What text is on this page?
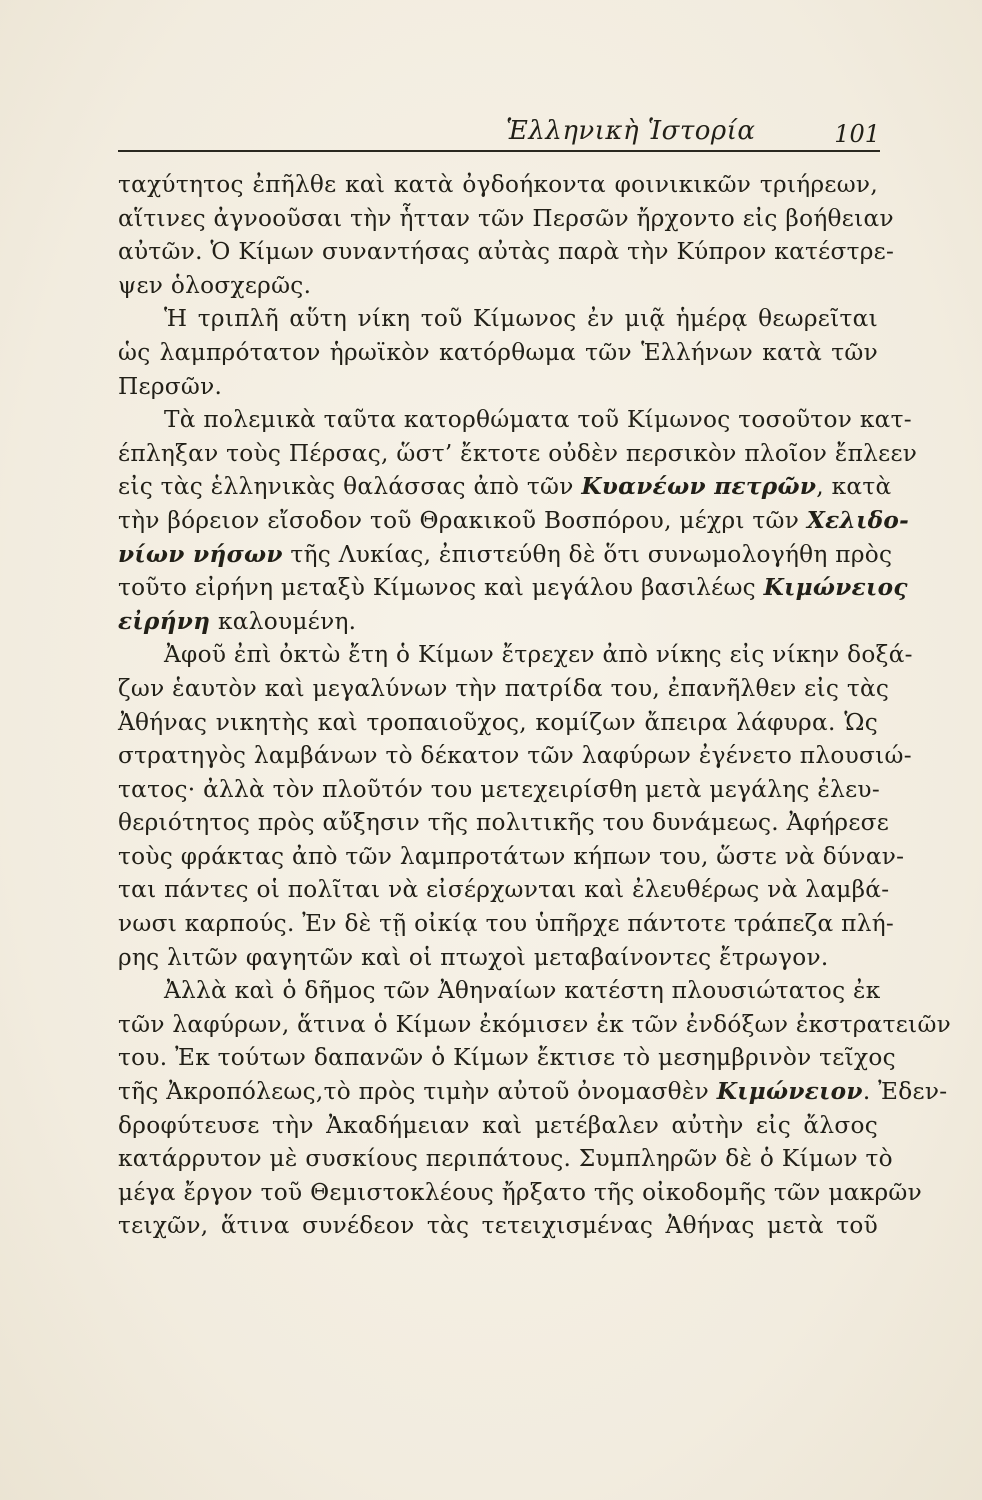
Ἑλληνικὴ Ἱστορία	101
ταχύτητος ἐπῆλθε καὶ κατὰ ὀγδοήκοντα φοινικικῶν τριήρεων,
αἵτινες ἀγνοοῦσαι τὴν ἧτταν τῶν Περσῶν ἤρχοντο εἰς βοήθειαν
αὐτῶν. Ὁ Κίμων συναντήσας αὐτὰς παρὰ τὴν Κύπρον κατέστρε-
ψεν ὁλοσχερῶς.
Ἡ τριπλῆ αὕτη νίκη τοῦ Κίμωνος ἐν μιᾷ ἡμέρᾳ θεωρεῖται
ὡς λαμπρότατον ἡρωϊκὸν κατόρθωμα τῶν Ἑλλήνων κατὰ τῶν
Περσῶν.
Τὰ πολεμικὰ ταῦτα κατορθώματα τοῦ Κίμωνος τοσοῦτον κατ-
έπληξαν τοὺς Πέρσας, ὥστ’ ἔκτοτε οὐδὲν περσικὸν πλοῖον ἔπλεεν
εἰς τὰς ἑλληνικὰς θαλάσσας ἀπὸ τῶν Κυανέων πετρῶν, κατὰ
τὴν βόρειον εἴσοδον τοῦ Θρακικοῦ Βοσπόρου, μέχρι τῶν Χελιδο-
νίων νήσων τῆς Λυκίας, ἐπιστεύθη δὲ ὅτι συνωμολογήθη πρὸς
τοῦτο εἰρήνη μεταξὺ Κίμωνος καὶ μεγάλου βασιλέως Κιμώνειος
εἰρήνη καλουμένη.
Ἀφοῦ ἐπὶ ὀκτὼ ἔτη ὁ Κίμων ἔτρεχεν ἀπὸ νίκης εἰς νίκην δοξά-
ζων ἑαυτὸν καὶ μεγαλύνων τὴν πατρίδα του, ἐπανῆλθεν εἰς τὰς
Ἀθήνας νικητὴς καὶ τροπαιοῦχος, κομίζων ἄπειρα λάφυρα. Ὡς
στρατηγὸς λαμβάνων τὸ δέκατον τῶν λαφύρων ἐγένετο πλουσιώ-
τατος· ἀλλὰ τὸν πλοῦτόν του μετεχειρίσθη μετὰ μεγάλης ἐλευ-
θεριότητος πρὸς αὔξησιν τῆς πολιτικῆς του δυνάμεως. Ἀφήρεσε
τοὺς φράκτας ἀπὸ τῶν λαμπροτάτων κήπων του, ὥστε νὰ δύναν-
ται πάντες οἱ πολῖται νὰ εἰσέρχωνται καὶ ἐλευθέρως νὰ λαμβά-
νωσι καρπούς. Ἐν δὲ τῇ οἰκίᾳ του ὑπῆρχε πάντοτε τράπεζα πλή-
ρης λιτῶν φαγητῶν καὶ οἱ πτωχοὶ μεταβαίνοντες ἔτρωγον.
Ἀλλὰ καὶ ὁ δῆμος τῶν Ἀθηναίων κατέστη πλουσιώτατος ἐκ
τῶν λαφύρων, ἅτινα ὁ Κίμων ἐκόμισεν ἐκ τῶν ἐνδόξων ἐκστρατειῶν
του. Ἐκ τούτων δαπανῶν ὁ Κίμων ἔκτισε τὸ μεσημβρινὸν τεῖχος
τῆς Ἀκροπόλεως,τὸ πρὸς τιμὴν αὐτοῦ ὀνομασθὲν Κιμώνειον. Ἐδεν-
δροφύτευσε τὴν Ἀκαδήμειαν καὶ μετέβαλεν αὐτὴν εἰς ἄλσος
κατάρρυτον μὲ συσκίους περιπάτους. Συμπληρῶν δὲ ὁ Κίμων τὸ
μέγα ἔργον τοῦ Θεμιστοκλέους ἤρξατο τῆς οἰκοδομῆς τῶν μακρῶν
τειχῶν, ἅτινα συνέδεον τὰς τετειχισμένας Ἀθήνας μετὰ τοῦ
